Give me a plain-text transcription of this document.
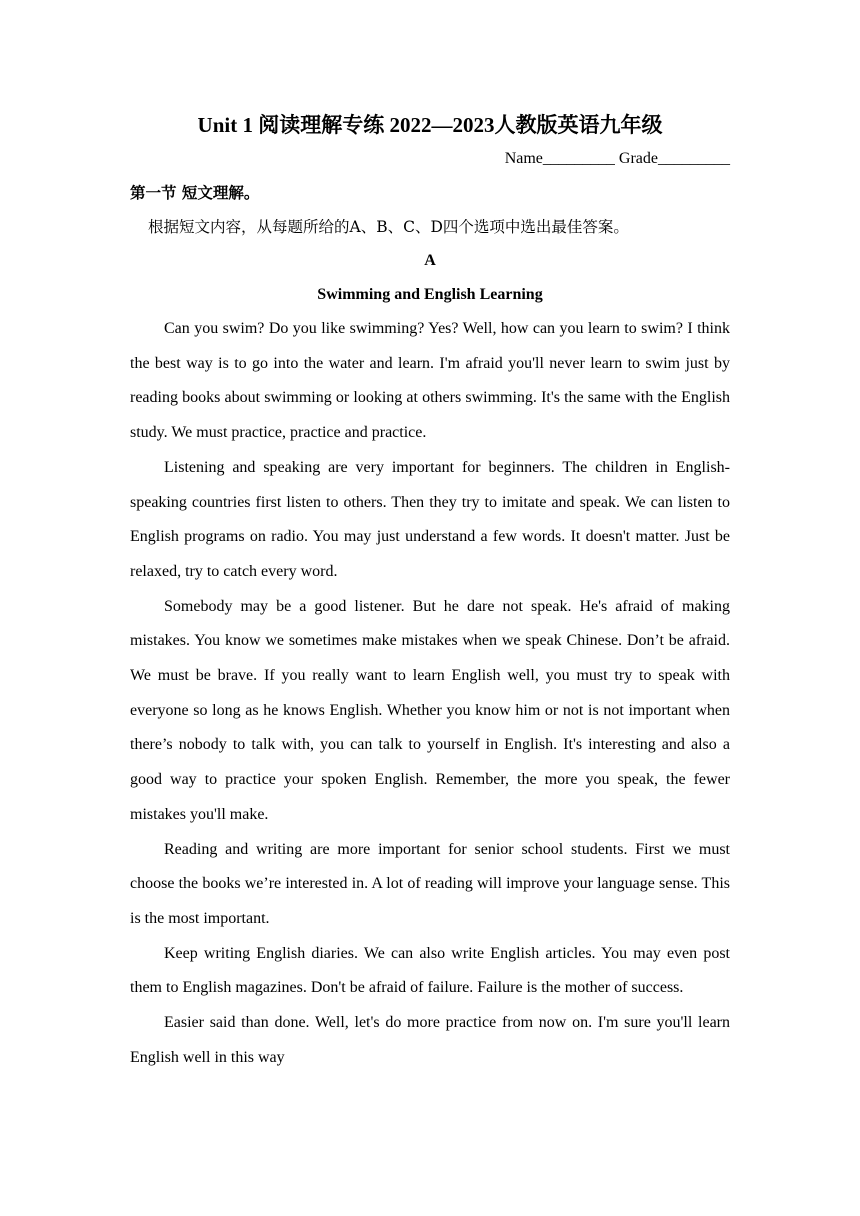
Unit 1 阅读理解专练 2022—2023人教版英语九年级

Name_________ Grade_________

第一节 短文理解。

根据短文内容，从每题所给的A、B、C、D四个选项中选出最佳答案。

A

Swimming and English Learning

Can you swim? Do you like swimming? Yes? Well, how can you learn to swim? I think the best way is to go into the water and learn. I'm afraid you'll never learn to swim just by reading books about swimming or looking at others swimming. It's the same with the English study. We must practice, practice and practice.

Listening and speaking are very important for beginners. The children in English-speaking countries first listen to others. Then they try to imitate and speak. We can listen to English programs on radio. You may just understand a few words. It doesn't matter. Just be relaxed, try to catch every word.

Somebody may be a good listener. But he dare not speak. He's afraid of making mistakes. You know we sometimes make mistakes when we speak Chinese. Don’t be afraid. We must be brave. If you really want to learn English well, you must try to speak with everyone so long as he knows English. Whether you know him or not is not important when there’s nobody to talk with, you can talk to yourself in English. It's interesting and also a good way to practice your spoken English. Remember, the more you speak, the fewer mistakes you'll make.

Reading and writing are more important for senior school students. First we must choose the books we’re interested in. A lot of reading will improve your language sense. This is the most important.

Keep writing English diaries. We can also write English articles. You may even post them to English magazines. Don't be afraid of failure. Failure is the mother of success.

Easier said than done. Well, let's do more practice from now on. I'm sure you'll learn English well in this way
